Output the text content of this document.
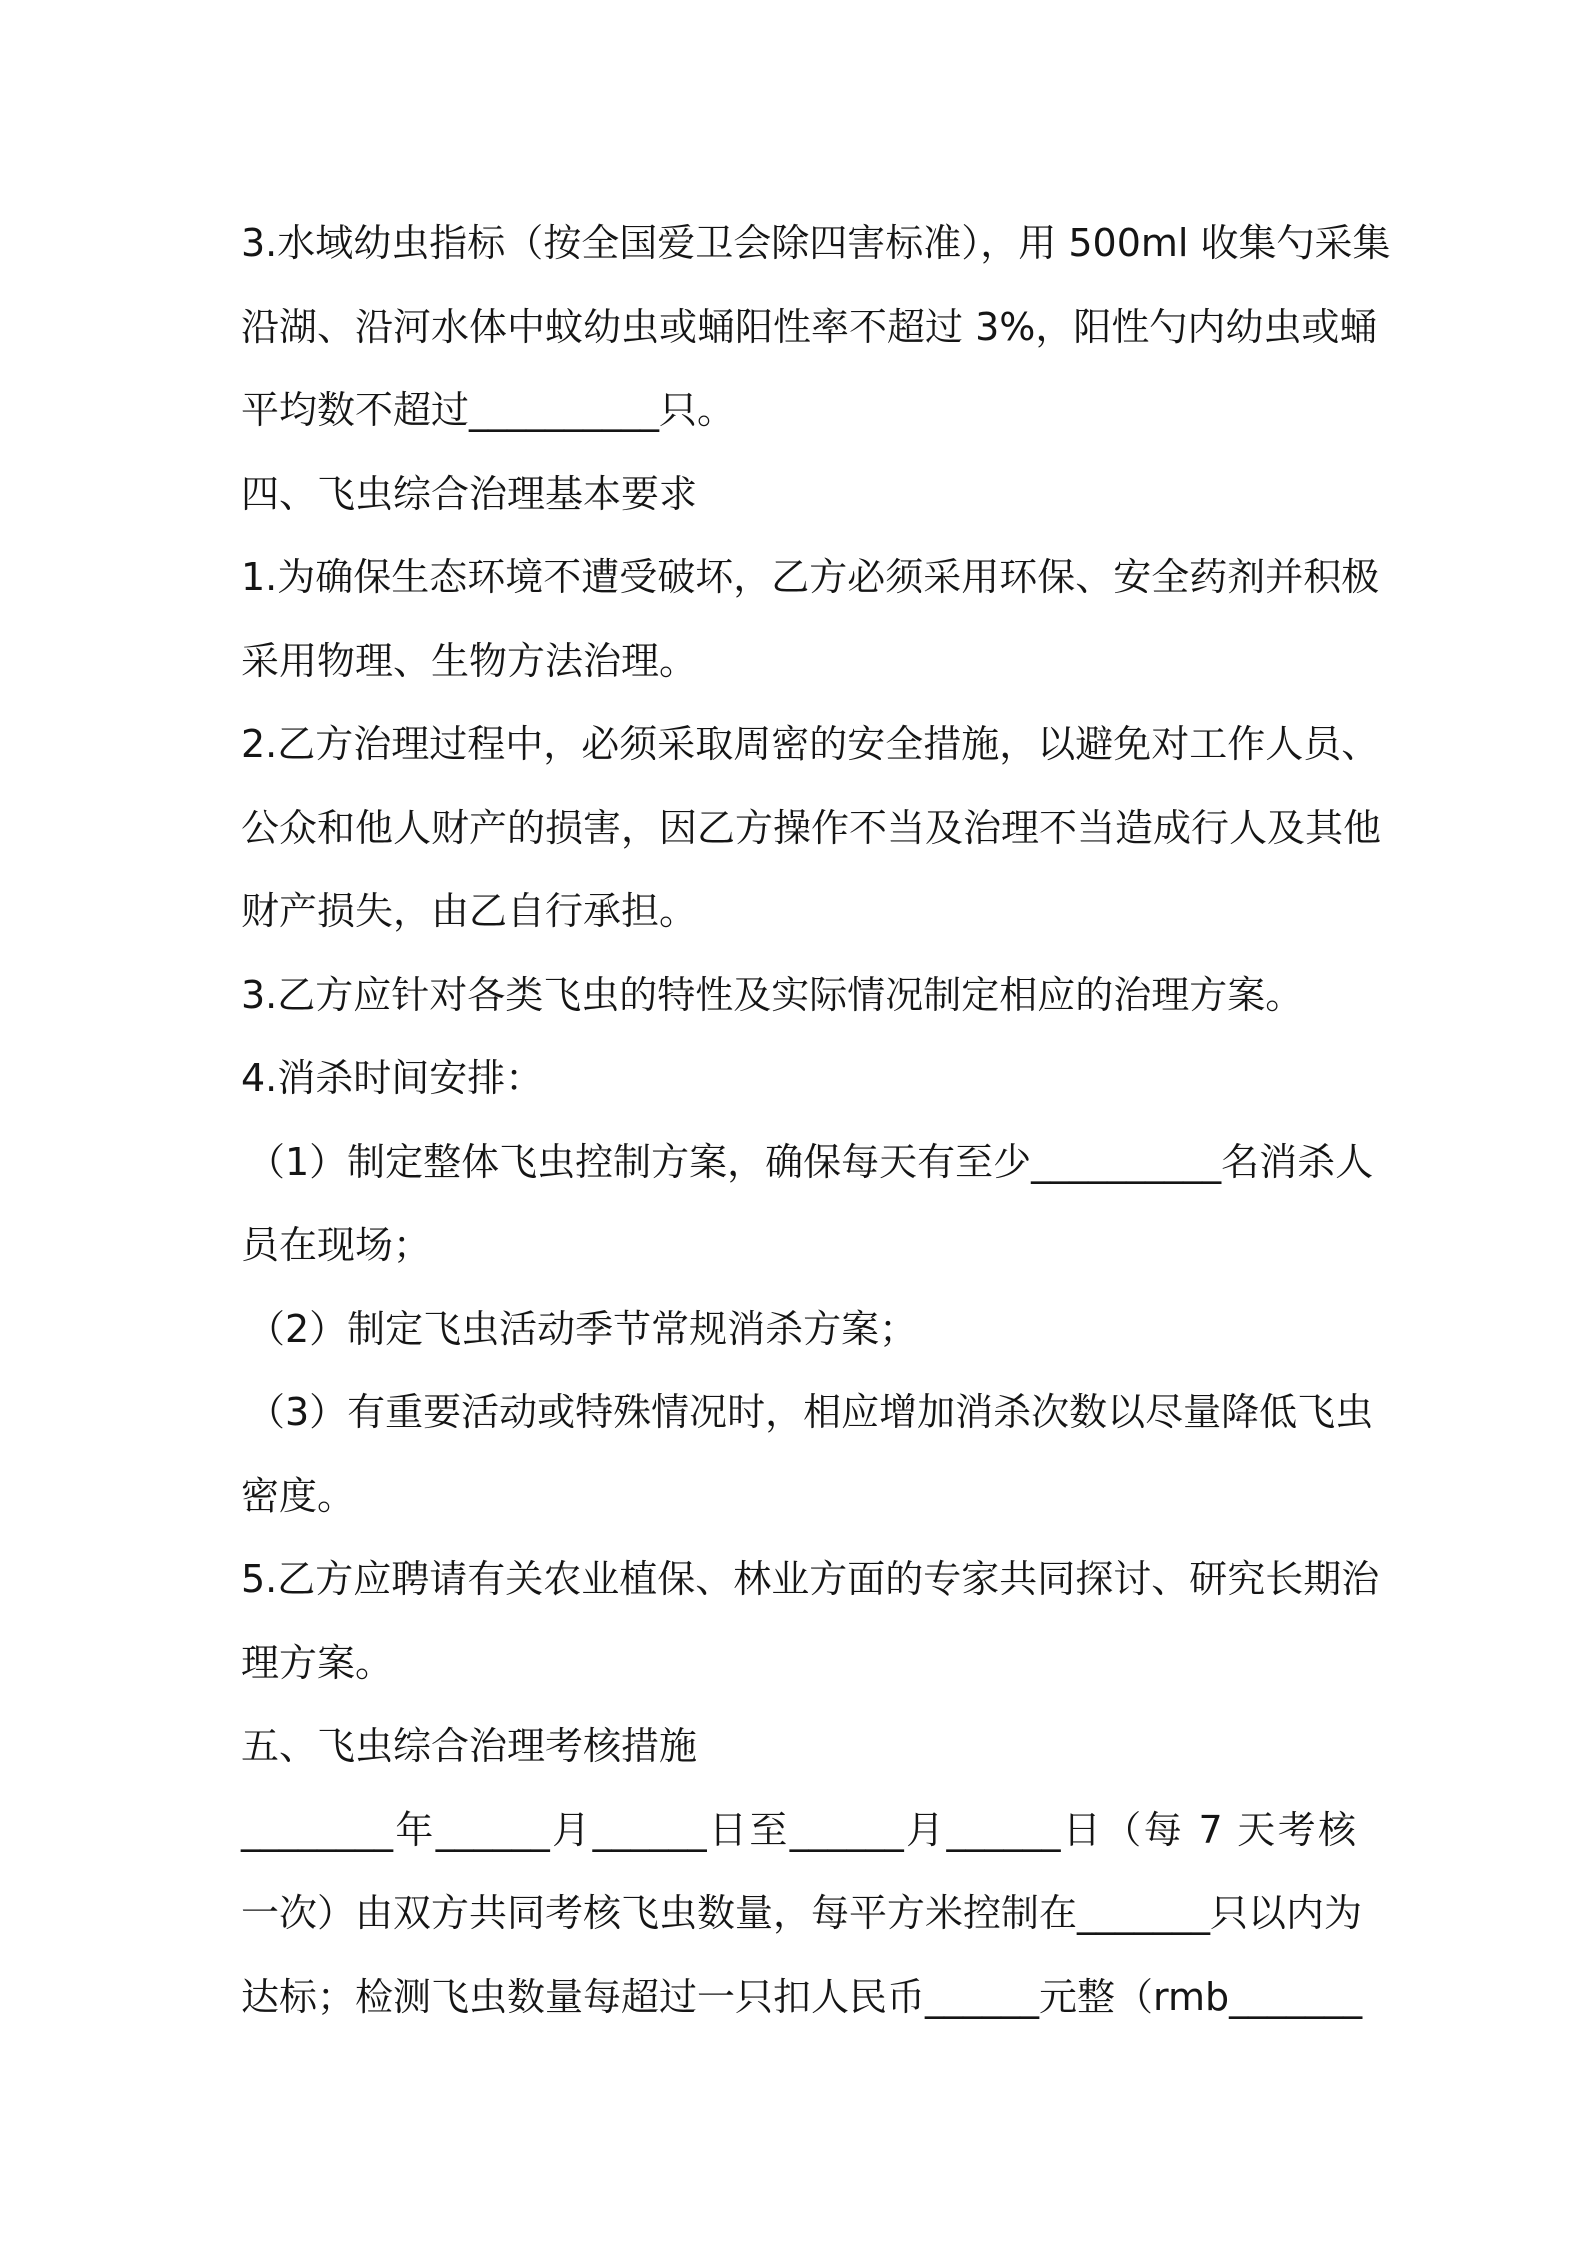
3.水域幼虫指标（按全国爱卫会除四害标准），用 500ml 收集勺采集
沿湖、沿河水体中蚊幼虫或蛹阳性率不超过 3%，阳性勺内幼虫或蛹
平均数不超过__________只。
四、飞虫综合治理基本要求
1.为确保生态环境不遭受破坏，乙方必须采用环保、安全药剂并积极
采用物理、生物方法治理。
2.乙方治理过程中，必须采取周密的安全措施，以避免对工作人员、
公众和他人财产的损害，因乙方操作不当及治理不当造成行人及其他
财产损失，由乙自行承担。
3.乙方应针对各类飞虫的特性及实际情况制定相应的治理方案。
4.消杀时间安排：
（1）制定整体飞虫控制方案，确保每天有至少__________名消杀人
员在现场；
（2）制定飞虫活动季节常规消杀方案；
（3）有重要活动或特殊情况时，相应增加消杀次数以尽量降低飞虫
密度。
5.乙方应聘请有关农业植保、林业方面的专家共同探讨、研究长期治
理方案。
五、飞虫综合治理考核措施
________年______月______日至______月______日（每 7 天考核
一次）由双方共同考核飞虫数量，每平方米控制在_______只以内为
达标；检测飞虫数量每超过一只扣人民币______元整（rmb_______
